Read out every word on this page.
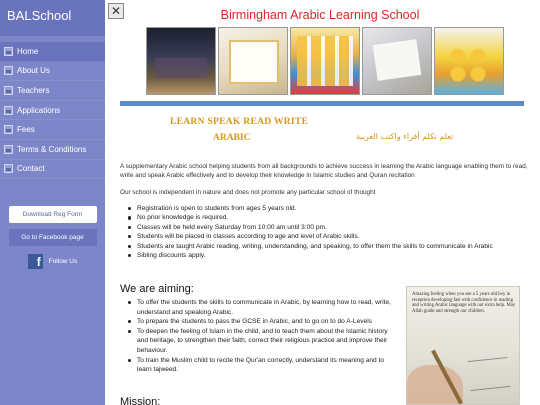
BALSchool
Home
About Us
Teachers
Applications
Fees
Terms & Conditions
Contact
Download Reg Form
Go to Facebook page
f	Follow Us
✕	Birmingham Arabic Learning School
LEARN SPEAK READ WRITE
ARABIC	تعلم تكلم أقراء واكتب العربية

A supplementary Arabic school helping students from all backgrounds to achieve success in learning the Arabic language enabling them to read, write and speak Arabic effectively and to develop their knowledge in Islamic studies and Quran recitation

Our school is independent in nature and does not promote any particular school of thought

Registration is open to students from ages 5 years old.
No prior knowledge is required.
Classes will be held every Saturday from 10:00 am until 3:00 pm.
Students will be placed in classes according to age and level of Arabic skills.
Students are taught Arabic reading, writing, understanding, and speaking, to offer them the skills to communicate in Arabic
Sibling discounts apply.
We are aiming:
To offer the students the skills to communicate in Arabic, by learning how to read, write, understand and speaking Arabic.
To prepare the students to pass the GCSE in Arabic, and to go on to do A-Levels
To deepen the feeling of Islam in the child, and to teach them about the Islamic history and heritage, to strengthen their faith, correct their religious practice and improve their behaviour.
To train the Muslim child to recite the Qur'an correctly, understand its meaning and to learn tajweed.
Amazing feeling when you see a 5 years old boy in reception developing fast with confidence in reading and writing Arabic language with our extra help. May Allah guide and strength our children.
Mission:
